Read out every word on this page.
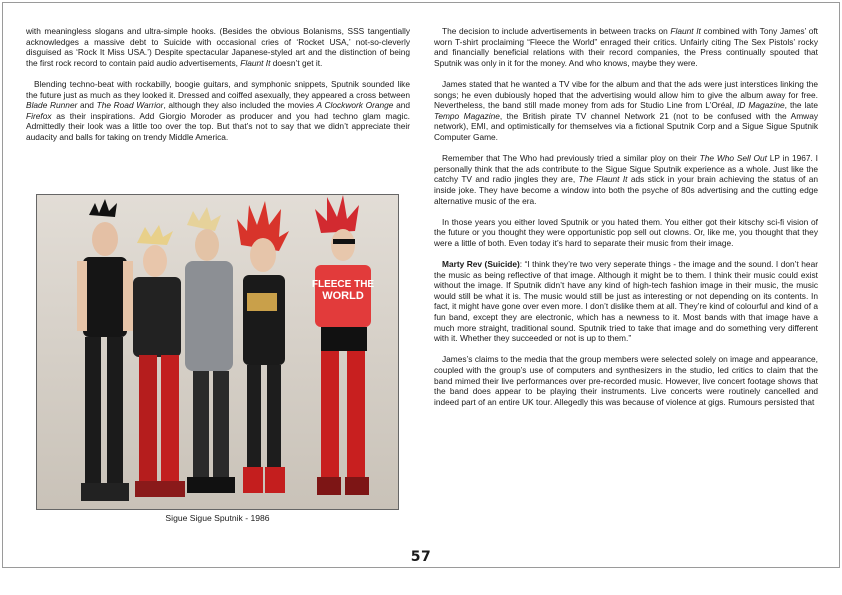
with meaningless slogans and ultra-simple hooks. (Besides the obvious Bolanisms, SSS tangentially acknowledges a massive debt to Suicide with occasional cries of ‘Rocket USA,’ not-so-cleverly disguised as ‘Rock It Miss USA.’) Despite spectacular Japanese-styled art and the distinction of being the first rock record to contain paid audio advertisements, Flaunt It doesn’t get it.

Blending techno-beat with rockabilly, boogie guitars, and symphonic snippets, Sputnik sounded like the future just as much as they looked it. Dressed and coiffed asexually, they appeared a cross between Blade Runner and The Road Warrior, although they also included the movies A Clockwork Orange and Firefox as their inspirations. Add Giorgio Moroder as producer and you had techno glam magic. Admittedly their look was a little too over the top. But that’s not to say that we didn’t appreciate their audacity and balls for taking on trendy Middle America.

FLEECE THE
WORLD
Sigue Sigue Sputnik - 1986

The decision to include advertisements in between tracks on Flaunt It combined with Tony James’ oft worn T-shirt proclaiming “Fleece the World” enraged their critics. Unfairly citing The Sex Pistols’ rocky and financially beneficial relations with their record companies, the Press continually spouted that Sputnik was only in it for the money. And who knows, maybe they were.

James stated that he wanted a TV vibe for the album and that the ads were just interstices linking the songs; he even dubiously hoped that the advertising would allow him to give the album away for free. Nevertheless, the band still made money from ads for Studio Line from L’Oréal, ID Magazine, the late Tempo Magazine, the British pirate TV channel Network 21 (not to be confused with the Amway network), EMI, and optimistically for themselves via a fictional Sputnik Corp and a Sigue Sigue Sputnik Computer Game.

Remember that The Who had previously tried a similar ploy on their The Who Sell Out LP in 1967. I personally think that the ads contribute to the Sigue Sigue Sputnik experience as a whole. Just like the catchy TV and radio jingles they are, The Flaunt It ads stick in your brain achieving the status of an inside joke. They have become a window into both the psyche of 80s advertising and the cutting edge alternative music of the era.

In those years you either loved Sputnik or you hated them. You either got their kitschy sci-fi vision of the future or you thought they were opportunistic pop sell out clowns. Or, like me, you thought that they were a little of both. Even today it’s hard to separate their music from their image.

Marty Rev (Suicide): “I think they’re two very seperate things - the image and the sound. I don’t hear the music as being reflective of that image. Although it might be to them. I think their music could exist without the image. If Sputnik didn’t have any kind of high-tech fashion image in their music, the music would still be what it is. The music would still be just as interesting or not depending on its contents. In fact, it might have gone over even more. I don’t dislike them at all. They’re kind of colourful and kind of a fun band, except they are electronic, which has a newness to it. Most bands with that image have a much more straight, traditional sound. Sputnik tried to take that image and do something very different with it. Whether they succeeded or not is up to them.”

James’s claims to the media that the group members were selected solely on image and appearance, coupled with the group’s use of computers and synthesizers in the studio, led critics to claim that the band mimed their live performances over pre-recorded music. However, live concert footage shows that the band does appear to be playing their instruments. Live concerts were routinely cancelled and indeed part of an entire UK tour. Allegedly this was because of violence at gigs. Rumours persisted that

57
